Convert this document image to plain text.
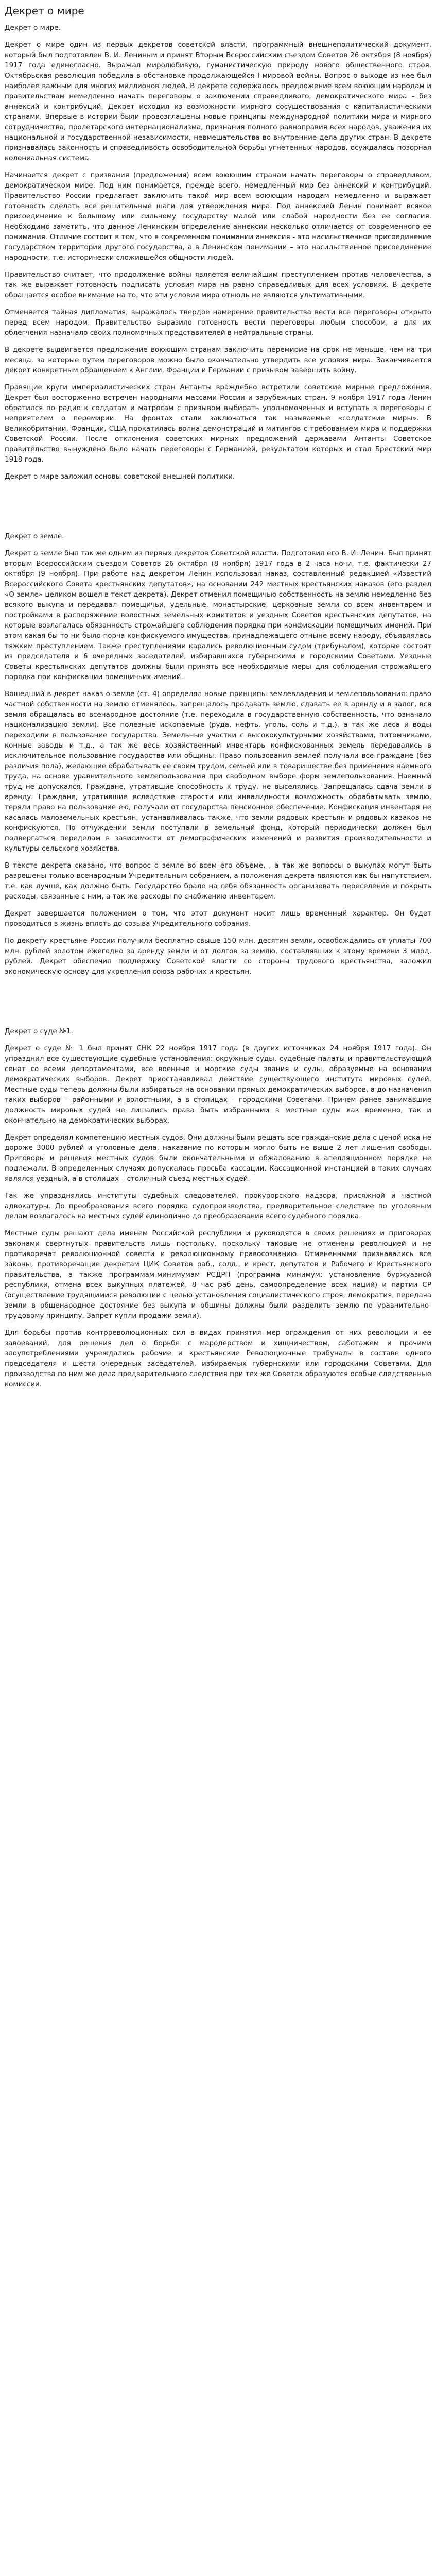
Декрет о мире

Декрет о мире.

Декрет о мире один из первых декретов советской власти, программный внешнеполитический документ, который был подготовлен В. И. Лениным и принят Вторым Всероссийским съездом Советов 26 октября (8 ноября) 1917 года единогласно. Выражал миролюбивую, гуманистическую природу нового общественного строя. Октябрьская революция победила в обстановке продолжающейся I мировой войны. Вопрос о выходе из нее был наиболее важным для многих миллионов людей. В декрете содержалось предложение всем воюющим народам и правительствам немедленно начать переговоры о заключении справедливого, демократического мира – без аннексий и контрибуций. Декрет исходил из возможности мирного сосуществования с капиталистическими странами. Впервые в истории были провозглашены новые принципы международной политики мира и мирного сотрудничества, пролетарского интернационализма, признания полного равноправия всех народов, уважения их национальной и государственной независимости, невмешательства во внутренние дела других стран. В декрете признавалась законность и справедливость освободительной борьбы угнетенных народов, осуждалась позорная колониальная система.

Начинается декрет с призвания (предложения) всем воюющим странам начать переговоры о справедливом, демократическом мире. Под ним понимается, прежде всего, немедленный мир без аннексий и контрибуций. Правительство России предлагает заключить такой мир всем воюющим народам немедленно и выражает готовность сделать все решительные шаги для утверждения мира. Под аннексией Ленин понимает всякое присоединение к большому или сильному государству малой или слабой народности без ее согласия. Необходимо заметить, что данное Ленинским определение аннексии несколько отличается от современного ее понимания. Отличие состоит в том, что в современном понимании аннексия - это насильственное присоединение государством территории другого государства, а в Ленинском понимании – это насильственное присоединение народности, т.е. исторически сложившейся общности людей.

Правительство считает, что продолжение войны является величайшим преступлением против человечества, а так же выражает готовность подписать условия мира на равно справедливых для всех условиях. В декрете обращается особое внимание на то, что эти условия мира отнюдь не являются ультимативными.

Отменяется тайная дипломатия, выражалось твердое намерение правительства вести все переговоры открыто перед всем народом. Правительство выразило готовность вести переговоры любым способом, а для их облегчения назначало своих полномочных представителей в нейтральные страны.

В декрете выдвигается предложение воюющим странам заключить перемирие на срок не меньше, чем на три месяца, за которые путем переговоров можно было окончательно утвердить все условия мира. Заканчивается декрет конкретным обращением к Англии, Франции и Германии с призывом завершить войну.

Правящие круги империалистических стран Антанты враждебно встретили советские мирные предложения. Декрет был восторженно встречен народными массами России и зарубежных стран. 9 ноября 1917 года Ленин обратился по радио к солдатам и матросам с призывом выбирать уполномоченных и вступать в переговоры с неприятелем о перемирии. На фронтах стали заключаться так называемые «солдатские миры». В Великобритании, Франции, США прокатилась волна демонстраций и митингов с требованием мира и поддержки Советской России. После отклонения советских мирных предложений державами Антанты Советское правительство вынуждено было начать переговоры с Германией, результатом которых и стал Брестский мир 1918 года.

Декрет о мире заложил основы советской внешней политики.

Декрет о земле.

Декрет о земле был так же одним из первых декретов Советской власти. Подготовил его В. И. Ленин. Был принят вторым Всероссийским съездом Советов 26 октября (8 ноября) 1917 года в 2 часа ночи, т.е. фактически 27 октября (9 ноября). При работе над декретом Ленин использовал наказ, составленный редакцией «Известий Всероссийского Совета крестьянских депутатов», на основании 242 местных крестьянских наказов (его раздел «О земле» целиком вошел в текст декрета). Декрет отменил помещичью собственность на землю немедленно без всякого выкупа и передавал помещичьи, удельные, монастырские, церковные земли со всем инвентарем и постройками в распоряжение волостных земельных комитетов и уездных Советов крестьянских депутатов, на которые возлагалась обязанность строжайшего соблюдения порядка при конфискации помещичьих имений. При этом какая бы то ни было порча конфискуемого имущества, принадлежащего отныне всему народу, объявлялась тяжким преступлением. Также преступлениями карались революционным судом (трибуналом), которые состоят из председателя и 6 очередных заседателей, избиравшихся губернскими и городскими Советами. Уездные Советы крестьянских депутатов должны были принять все необходимые меры для соблюдения строжайшего порядка при конфискации помещичьих имений.

Вошедший в декрет наказ о земле (ст. 4) определял новые принципы землевладения и землепользования: право частной собственности на землю отменялось, запрещалось продавать землю, сдавать ее в аренду и в залог, вся земля обращалась во всенародное достояние (т.е. переходила в государственную собственность, что означало национализацию земли). Все полезные ископаемые (руда, нефть, уголь, соль и т.д.), а так же леса и воды переходили в пользование государства. Земельные участки с высококультурными хозяйствами, питомниками, конные заводы и т.д., а так же весь хозяйственный инвентарь конфискованных земель передавались в исключительное пользование государства или общины. Право пользования землей получали все граждане (без различия пола), желающие обрабатывать ее своим трудом, семьей или в товариществе без применения наемного труда, на основе уравнительного землепользования при свободном выборе форм землепользования. Наемный труд не допускался. Граждане, утратившие способность к труду, не выселялись. Запрещалась сдача земли в аренду. Граждане, утратившие вследствие старости или инвалидности возможность обрабатывать землю, теряли право на пользование ею, получали от государства пенсионное обеспечение. Конфискация инвентаря не касалась малоземельных крестьян, устанавливалась также, что земли рядовых крестьян и рядовых казаков не конфискуются. По отчуждении земли поступали в земельный фонд, который периодически должен был подвергаться переделам в зависимости от демографических изменений и развития производительности и культуры сельского хозяйства.

В тексте декрета сказано, что вопрос о земле во всем его объеме, , а так же вопросы о выкупах могут быть разрешены только всенародным Учредительным собранием, а положения декрета являются как бы напутствием, т.е. как лучше, как должно быть. Государство брало на себя обязанность организовать переселение и покрыть расходы, связанные с ним, а так же расходы по снабжению инвентарем.

Декрет завершается положением о том, что этот документ носит лишь временный характер. Он будет проводиться в жизнь вплоть до созыва Учредительного собрания.

По декрету крестьяне России получили бесплатно свыше 150 млн. десятин земли, освобождались от уплаты 700 млн. рублей золотом ежегодно за аренду земли и от долгов за землю, составлявших к этому времени 3 млрд. рублей. Декрет обеспечил поддержку Советской власти со стороны трудового крестьянства, заложил экономическую основу для укрепления союза рабочих и крестьян.

Декрет о суде №1.

Декрет о суде № 1 был принят СНК 22 ноября 1917 года (в других источниках 24 ноября 1917 года). Он упразднил все существующие судебные установления: окружные суды, судебные палаты и правительствующий сенат со всеми департаментами, все военные и морские суды звания и суды, образуемые на основании демократических выборов. Декрет приостанавливал действие существующего института мировых судей. Местные суды теперь должны были избираться на основании прямых демократических выборов, а до назначения таких выборов – районными и волостными, а в столицах – городскими Советами. Причем ранее занимавшие должность мировых судей не лишались права быть избранными в местные суды как временно, так и окончательно на демократических выборах.

Декрет определял компетенцию местных судов. Они должны были решать все гражданские дела с ценой иска не дороже 3000 рублей и уголовные дела, наказание по которым могло быть не выше 2 лет лишения свободы. Приговоры и решения местных судов были окончательными и обжалованию в апелляционном порядке не подлежали. В определенных случаях допускалась просьба кассации. Кассационной инстанцией в таких случаях являлся уездный, а в столицах – столичный съезд местных судей.

Так же упразднялись институты судебных следователей, прокурорского надзора, присяжной и частной адвокатуры. До преобразования всего порядка судопроизводства, предварительное следствие по уголовным делам возлагалось на местных судей единолично до преобразования всего судебного порядка.

Местные суды решают дела именем Российской республики и руководятся в своих решениях и приговорах законами свергнутых правительств лишь постольку, поскольку таковые не отменены революцией и не противоречат революционной совести и революционному правосознанию. Отмененными признавались все законы, противоречащие декретам ЦИК Советов раб., солд., и крест. депутатов и Рабочего и Крестьянского правительства, а также программам-минимумам РСДРП (программа минимум: установление буржуазной республики, отмена всех выкупных платежей, 8 час раб день, самоопределение всех наций) и партии СР (осуществление трудящимися революции с целью установления социалистического строя, демократия, передача земли в общенародное достояние без выкупа и общины должны были разделить землю по уравнительно-трудовому принципу. Запрет купли-продажи земли).

Для борьбы против контрреволюционных сил в видах принятия мер ограждения от них революции и ее завоеваний, для решения дел о борьбе с мародерством и хищничеством, саботажем и прочими злоупотреблениями учреждались рабочие и крестьянские Революционные трибуналы в составе одного председателя и шести очередных заседателей, избираемых губернскими или городскими Советами. Для производства по ним же дела предварительного следствия при тех же Советах образуются особые следственные комиссии.
